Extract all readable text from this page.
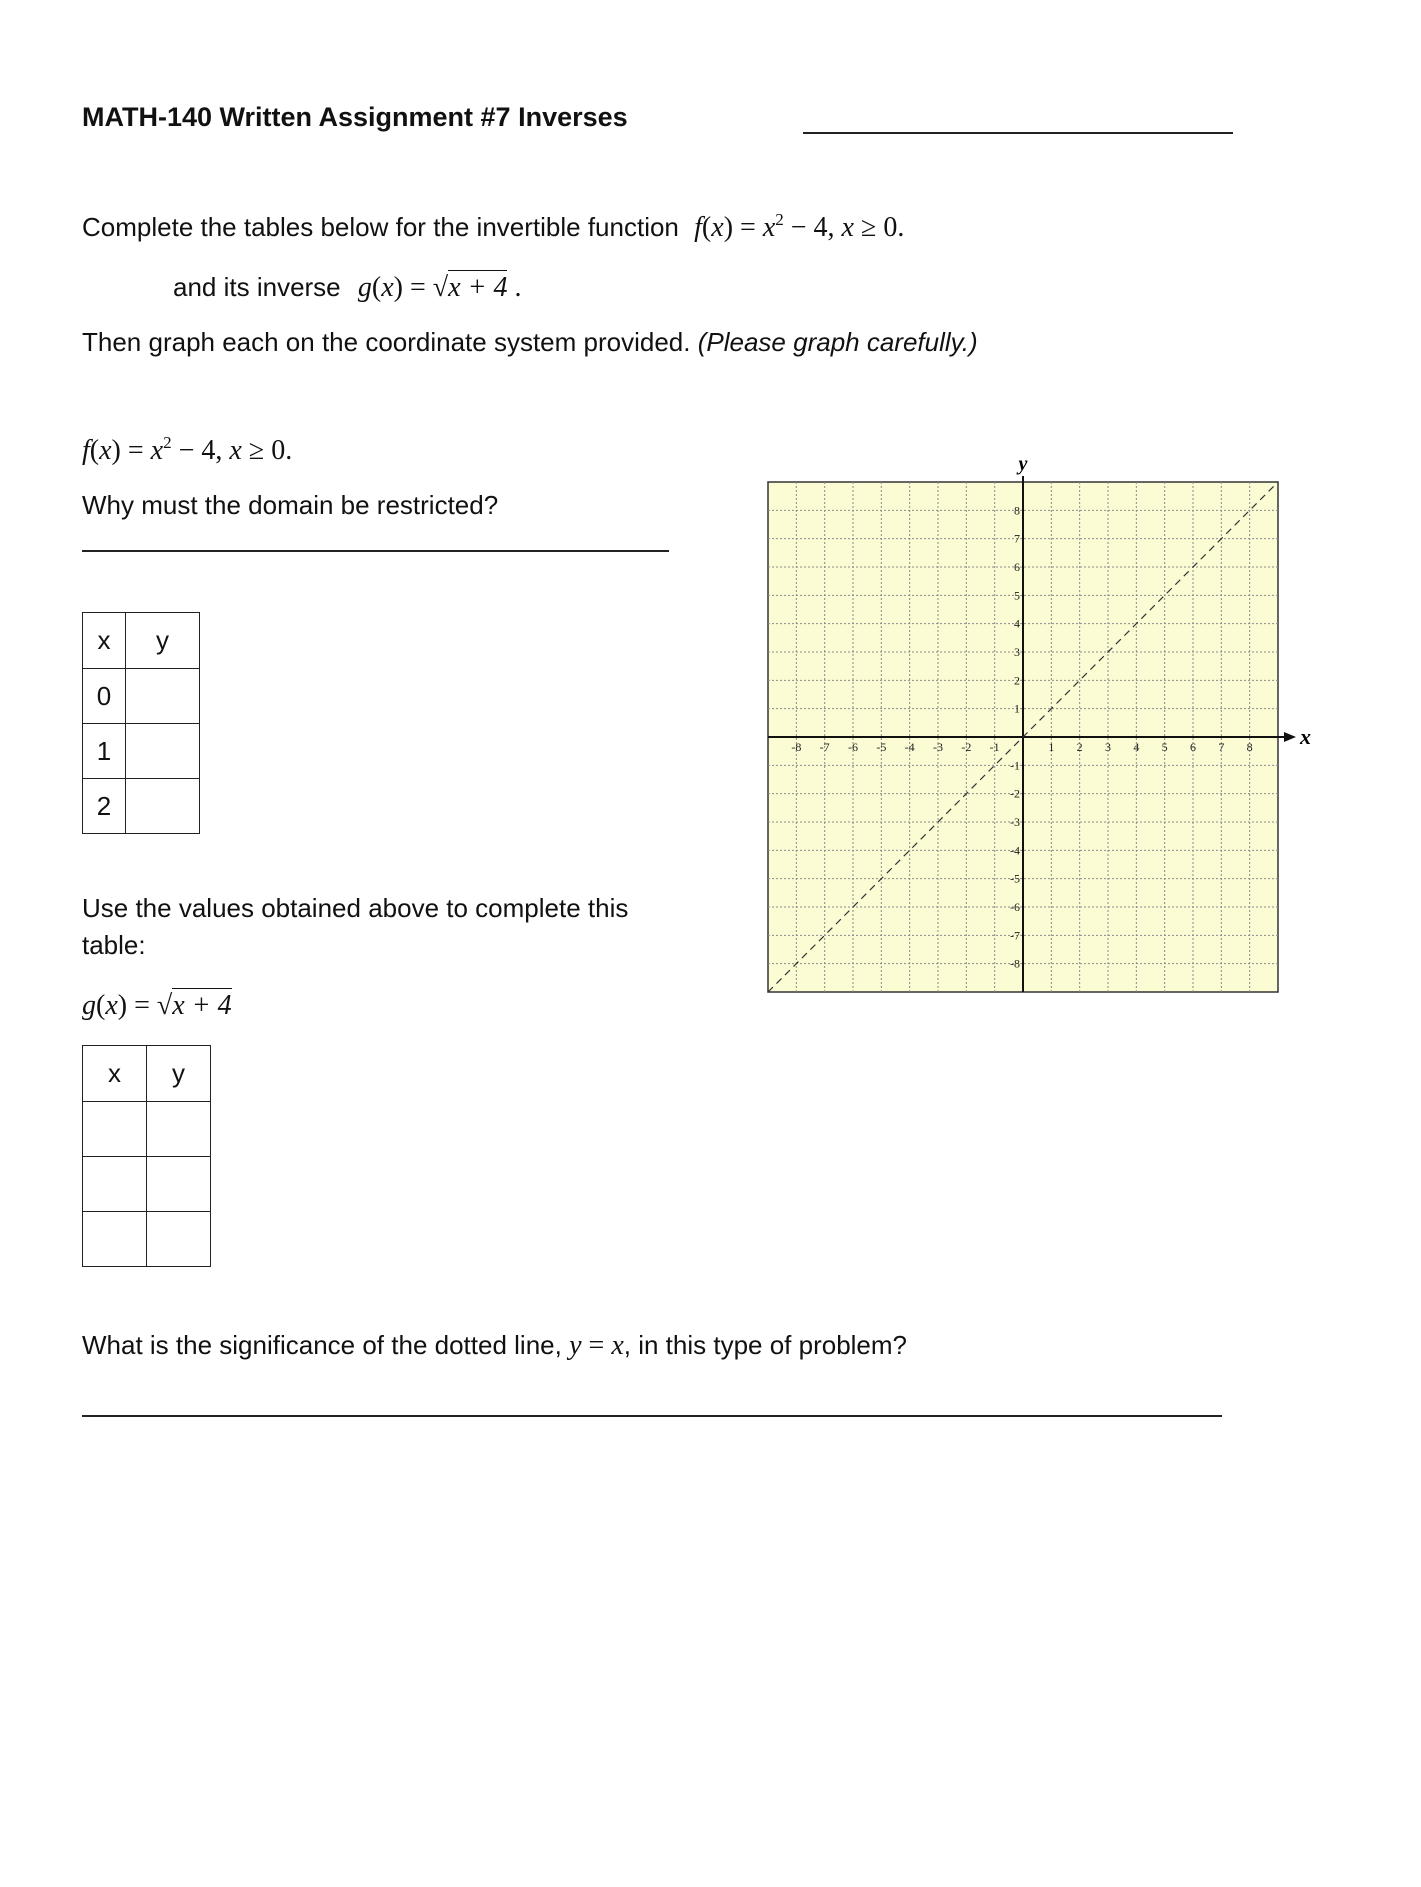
MATH-140 Written Assignment #7 Inverses
Complete the tables below for the invertible function $f(x) = x^2 - 4$, x ≥ 0.
and its inverse g(x) = √x + 4 .
Then graph each on the coordinate system provided. (Please graph carefully.)
$f(x) = x^2 - 4$, x ≥ 0.
Why must the domain be restricted?
x	y
0	
1	
2	
Use the values obtained above to complete this
table:
g(x) = √x + 4
x	y

-8 -7 -6 -5 -4 -3 -2 -1	1 2 3 4 5 6 7 8
8
7
6
5
4
3
2
1
-1
-2
-3
-4
-5
-6
-7
-8
y
x
What is the significance of the dotted line, y = x, in this type of problem?
